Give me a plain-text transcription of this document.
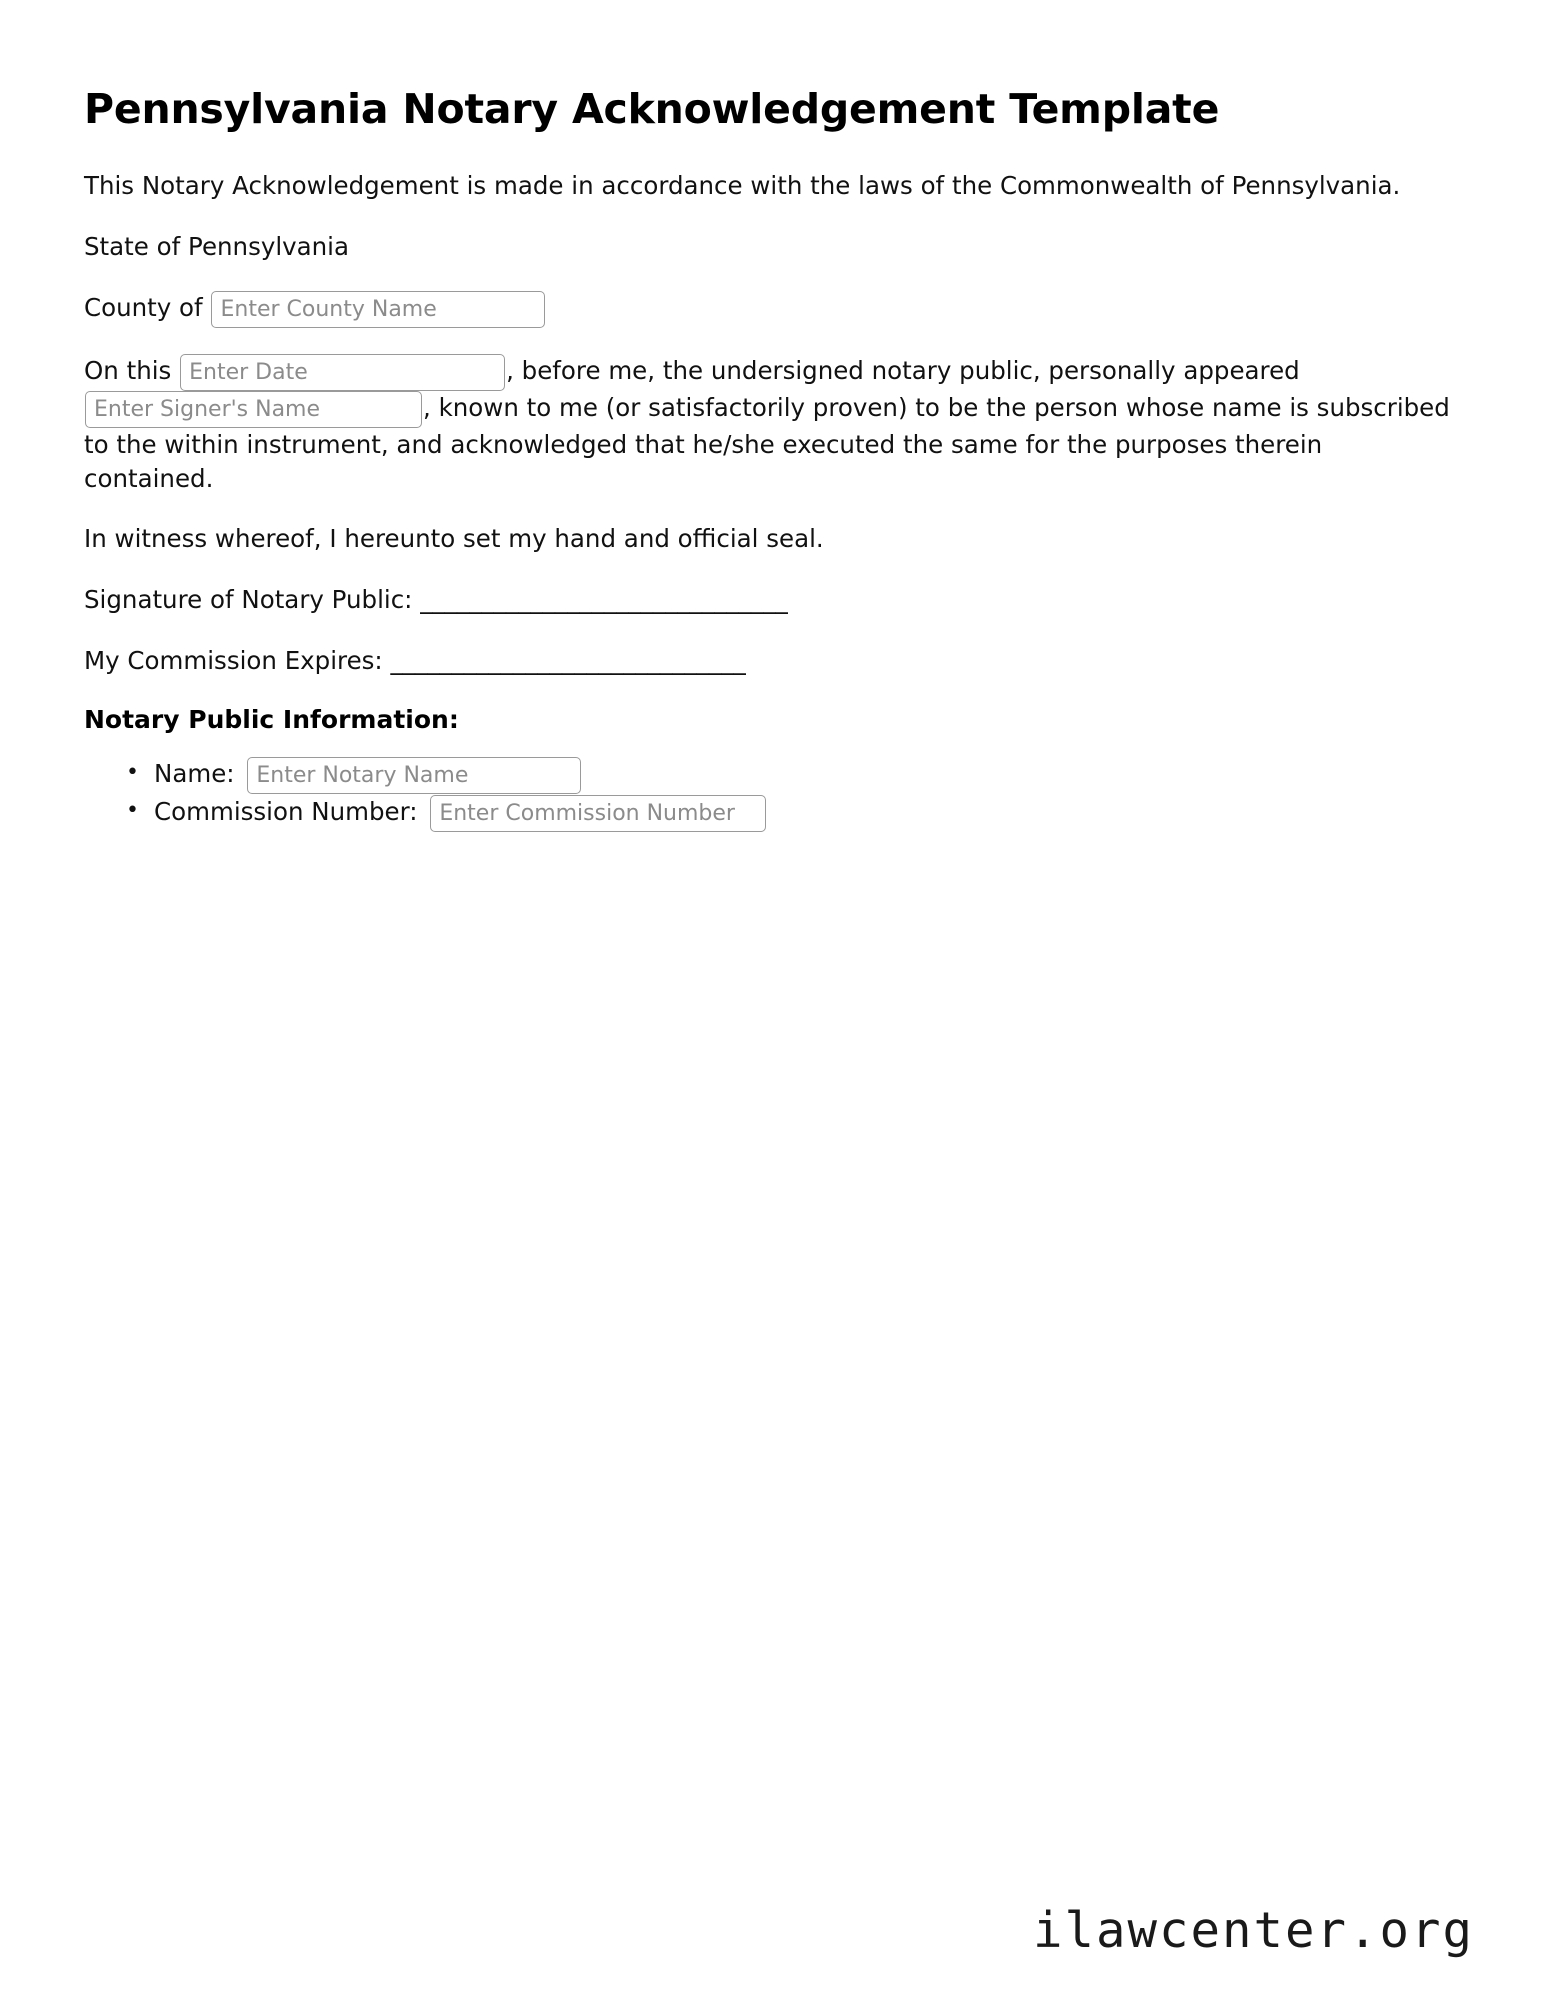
Pennsylvania Notary Acknowledgement Template

This Notary Acknowledgement is made in accordance with the laws of the Commonwealth of Pennsylvania.

State of Pennsylvania

County of Enter County Name

On this Enter Date	, before me, the undersigned notary public, personally appeared Enter Signer's Name, known to me (or satisfactorily proven) to be the person whose name is subscribed to the within instrument, and acknowledged that he/she executed the same for the purposes therein contained.

In witness whereof, I hereunto set my hand and official seal.

Signature of Notary Public: ______________________________

My Commission Expires: _____________________________

Notary Public Information:
• Name: Enter Notary Name
• Commission Number: Enter Commission Number
ilawcenter.org
